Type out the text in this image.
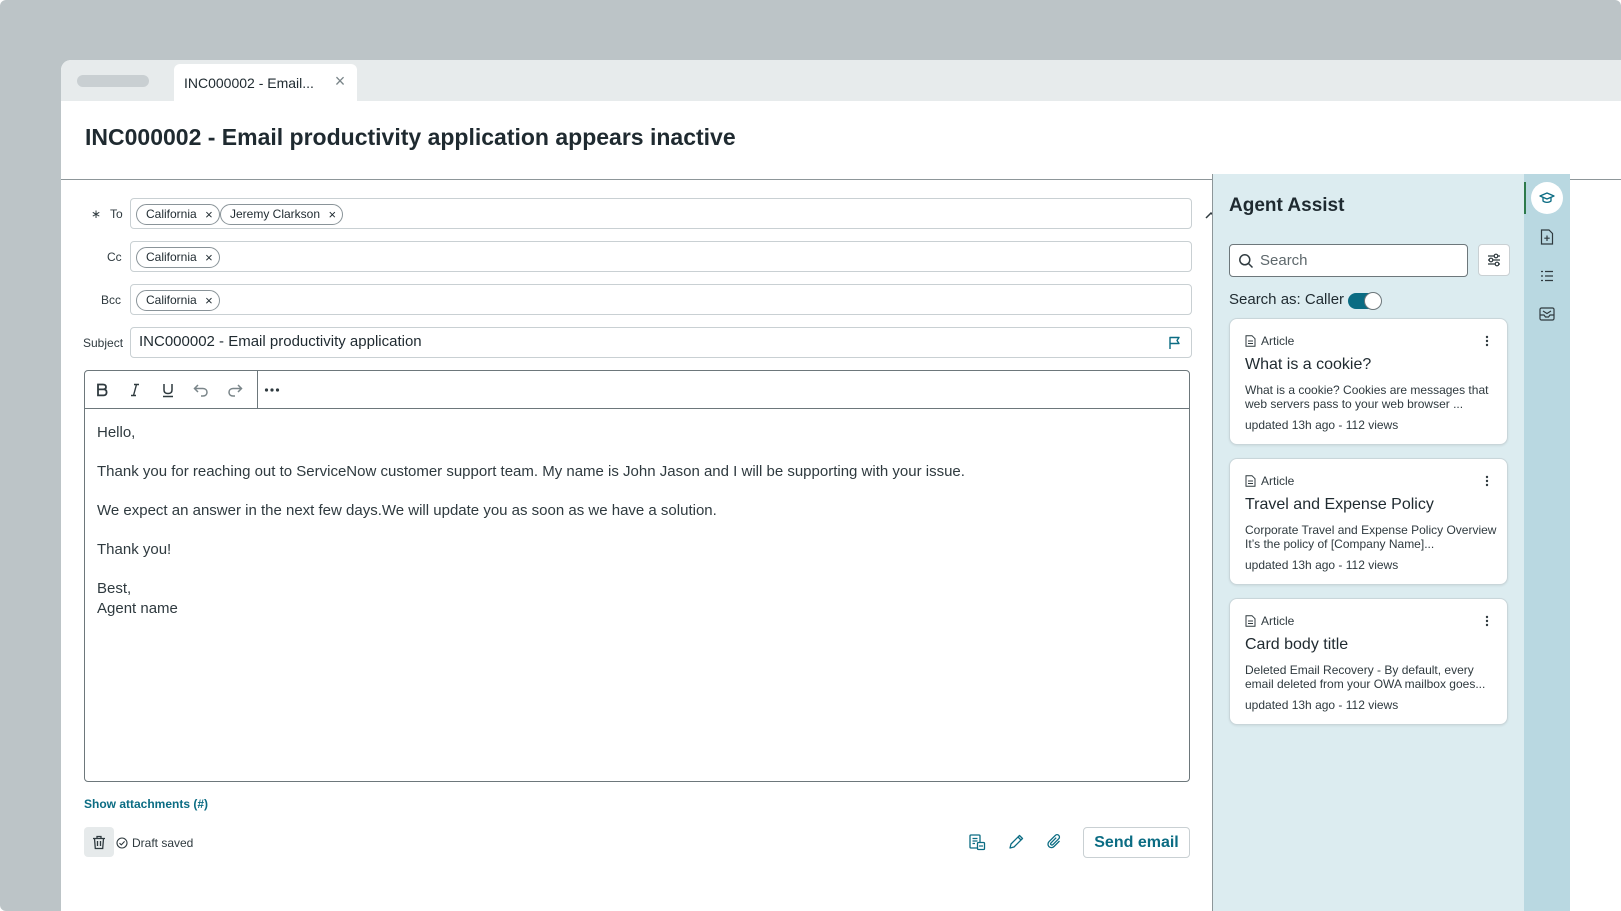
INC000002 - Email... ×
INC000002 - Email productivity application appears inactive
∗ To	California ×	Jeremy Clarkson ×
Cc	California ×
Bcc	California ×
Subject INC000002 - Email productivity application

Hello,

Thank you for reaching out to ServiceNow customer support team. My name is John Jason and I will be supporting with your issue.

We expect an answer in the next few days.We will update you as soon as we have a solution.

Thank you!

Best,

Agent name

Show attachments (#)
Draft saved	Send email
Agent Assist
Search
Search as: Caller
Article
What is a cookie?
What is a cookie? Cookies are messages that web servers pass to your web browser ...
updated 13h ago - 112 views
Article
Travel and Expense Policy
Corporate Travel and Expense Policy Overview It’s the policy of [Company Name]...
updated 13h ago - 112 views
Article
Card body title
Deleted Email Recovery - By default, every email deleted from your OWA mailbox goes...
updated 13h ago - 112 views
